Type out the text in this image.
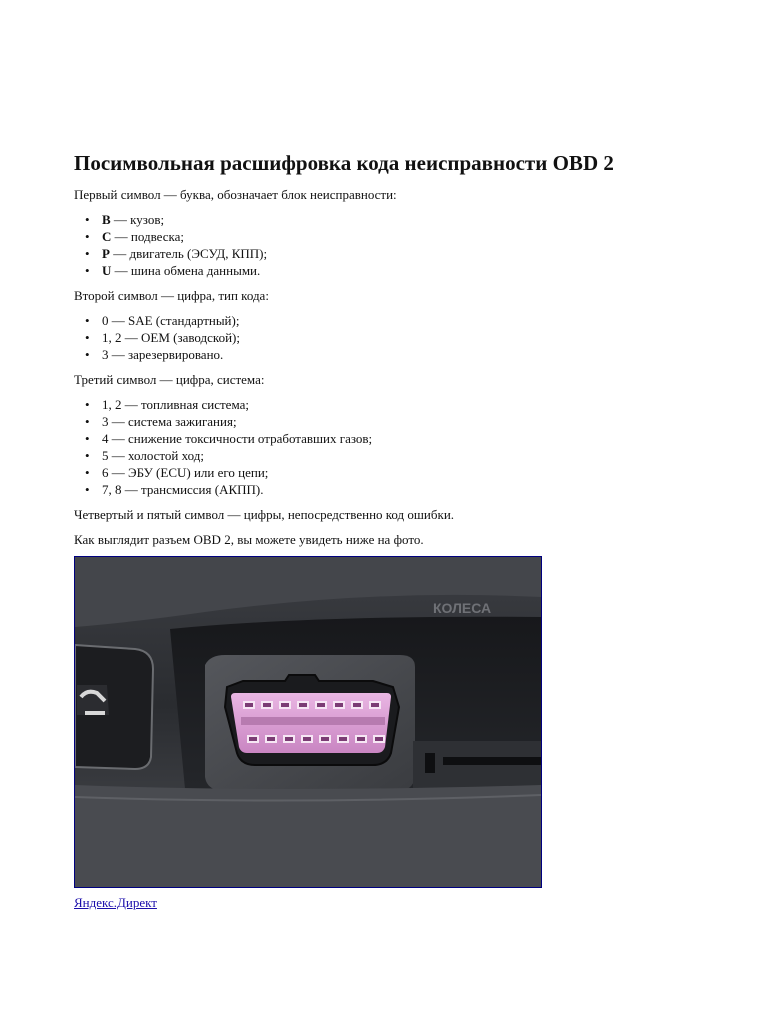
Посимвольная расшифровка кода неисправности OBD 2

Первый символ — буква, обозначает блок неисправности:

• B — кузов;
• C — подвеска;
• P — двигатель (ЭСУД, КПП);
• U — шина обмена данными.

Второй символ — цифра, тип кода:

• 0 — SAE (стандартный);
• 1, 2 — OEM (заводской);
• 3 — зарезервировано.

Третий символ — цифра, система:

• 1, 2 — топливная система;
• 3 — система зажигания;
• 4 — снижение токсичности отработавших газов;
• 5 — холостой ход;
• 6 — ЭБУ (ECU) или его цепи;
• 7, 8 — трансмиссия (АКПП).

Четвертый и пятый символ — цифры, непосредственно код ошибки.

Как выглядит разъем OBD 2, вы можете увидеть ниже на фото.

КОЛЕСА
Яндекс.Директ
